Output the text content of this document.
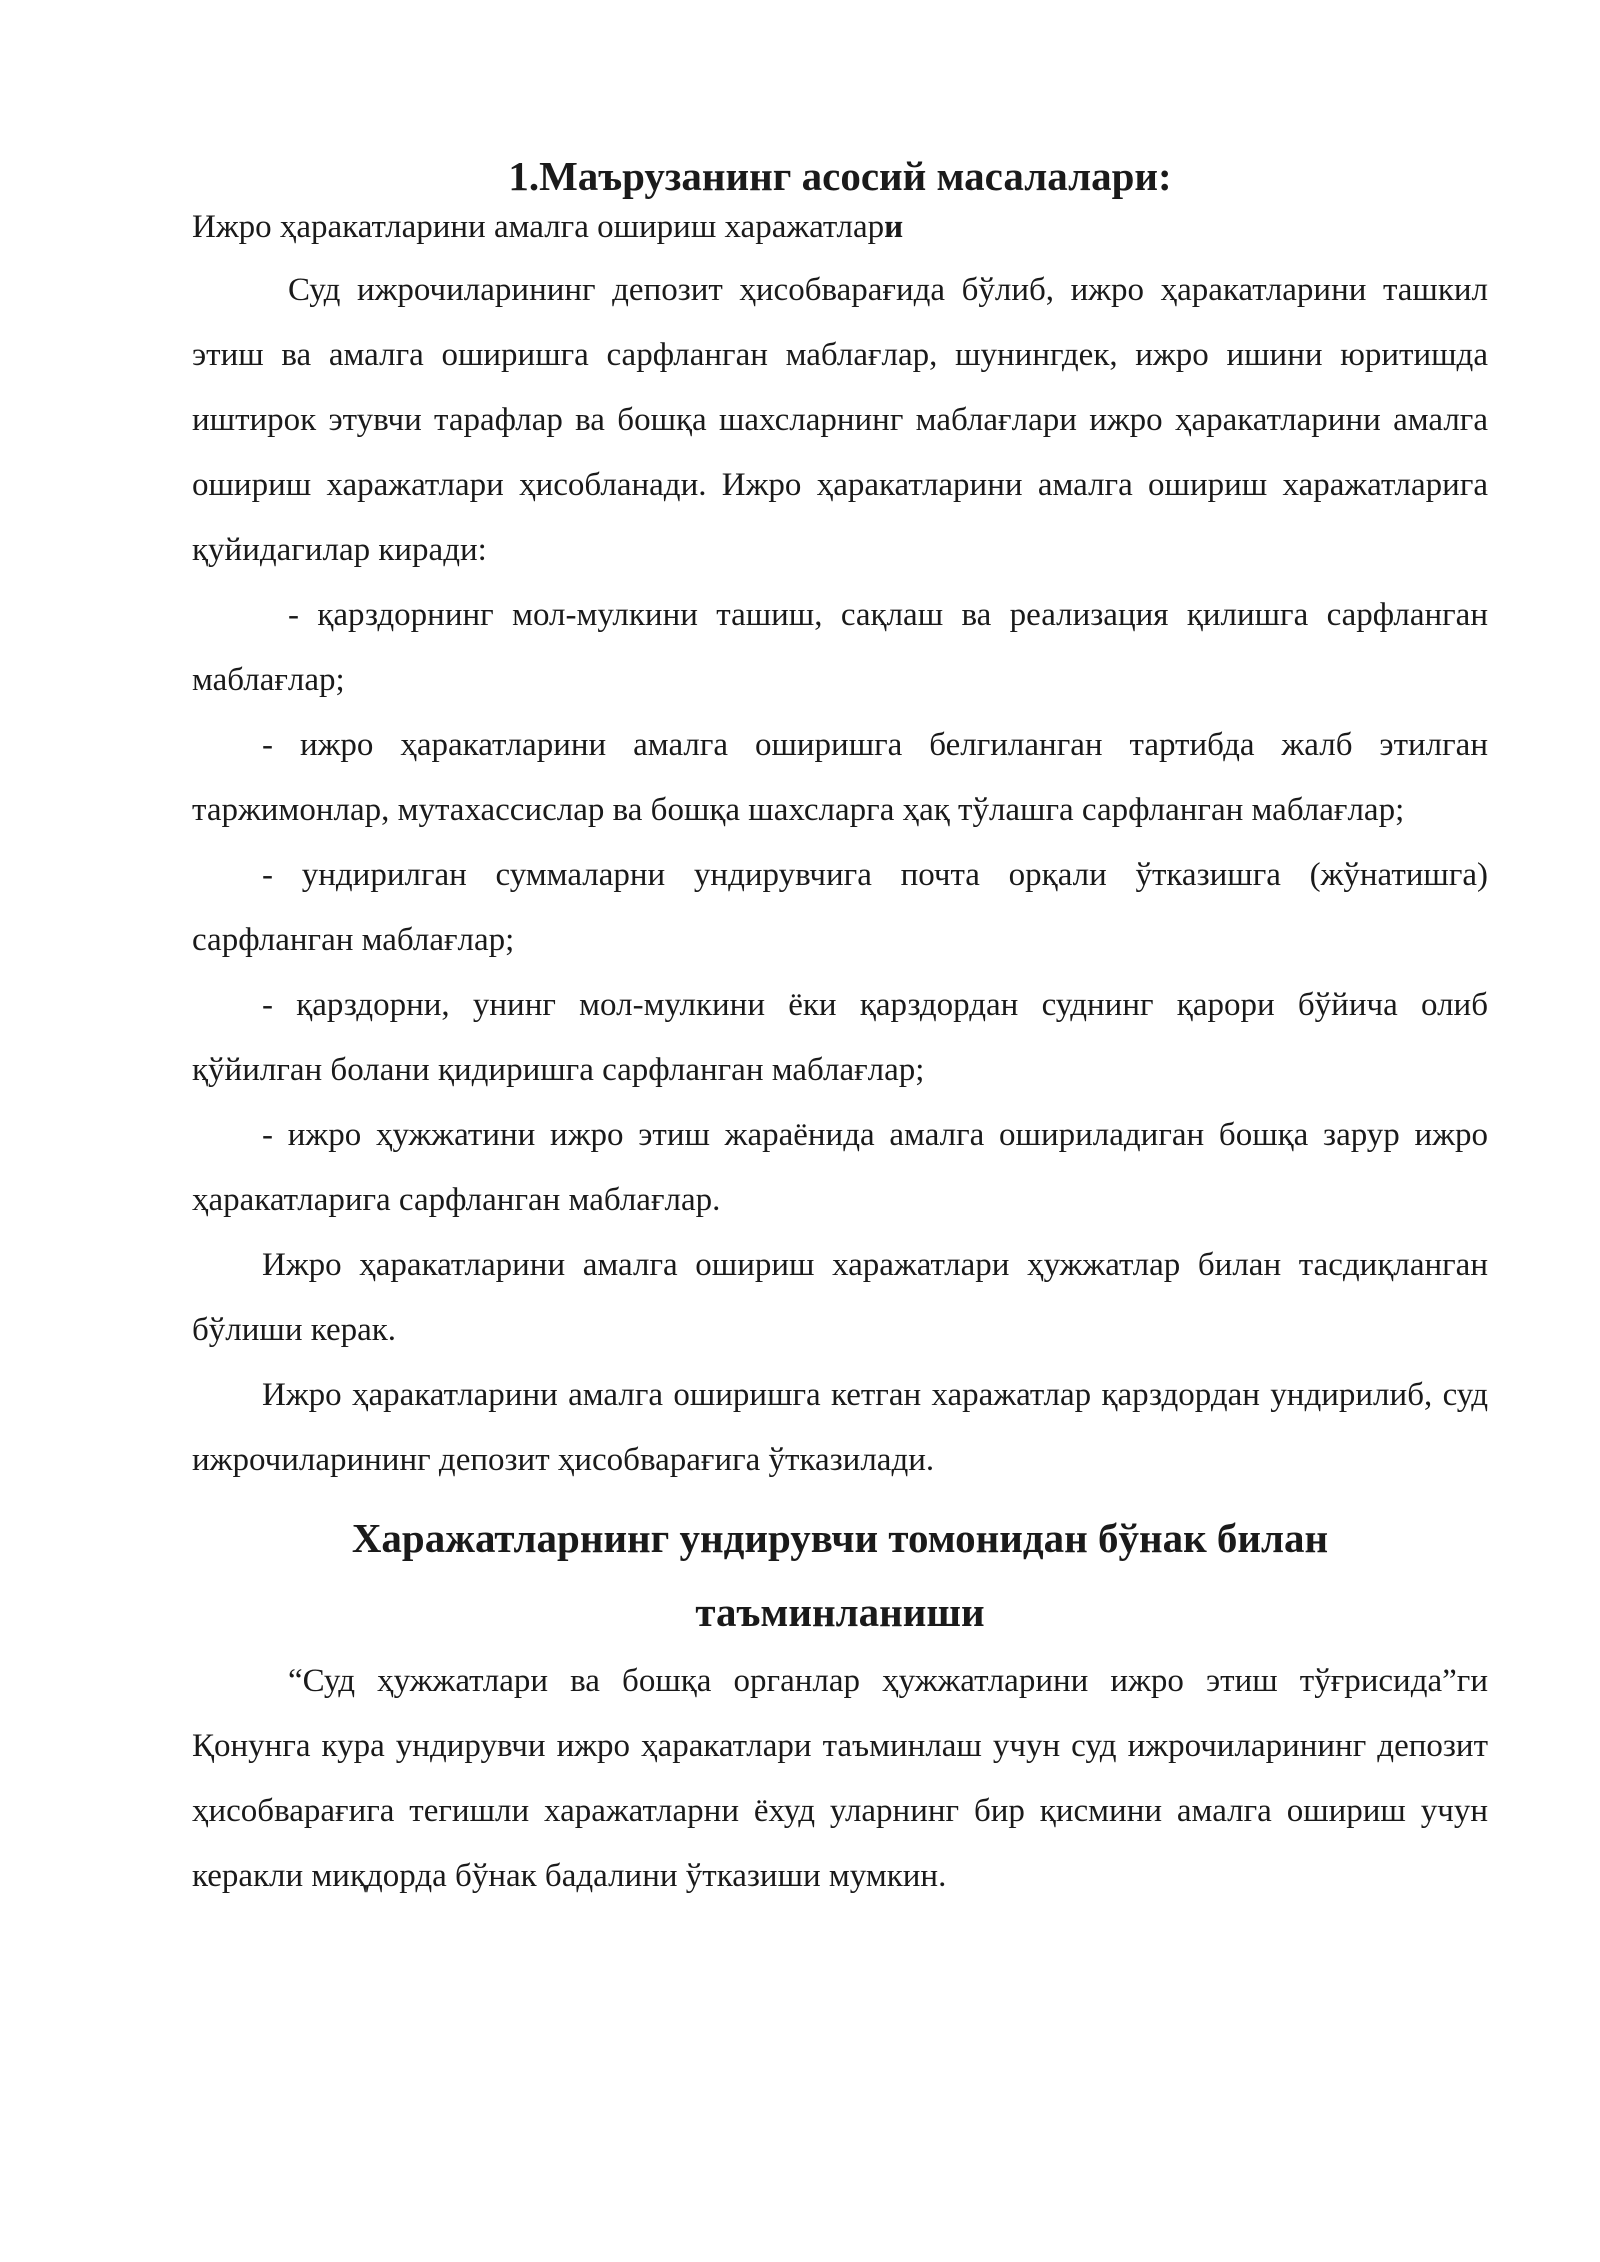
1.Маърузанинг асосий масалалари:
Ижро ҳаракатларини амалга ошириш харажатлари

Суд ижрочиларининг депозит ҳисобварағида бўлиб, ижро ҳаракатларини ташкил этиш ва амалга оширишга сарфланган маблағлар, шунингдек, ижро ишини юритишда иштирок этувчи тарафлар ва бошқа шахсларнинг маблағлари ижро ҳаракатларини амалга ошириш харажатлари ҳисобланади. Ижро ҳаракатларини амалга ошириш харажатларига қуйидагилар киради:

- қарздорнинг мол-мулкини ташиш, сақлаш ва реализация қилишга сарфланган маблағлар;

- ижро ҳаракатларини амалга оширишга белгиланган тартибда жалб этилган таржимонлар, мутахассислар ва бошқа шахсларга ҳақ тўлашга сарфланган маблағлар;

- ундирилган суммаларни ундирувчига почта орқали ўтказишга (жўнатишга) сарфланган маблағлар;

- қарздорни, унинг мол-мулкини ёки қарздордан суднинг қарори бўйича олиб қўйилган болани қидиришга сарфланган маблағлар;

- ижро ҳужжатини ижро этиш жараёнида амалга ошириладиган бошқа зарур ижро ҳаракатларига сарфланган маблағлар.

Ижро ҳаракатларини амалга ошириш харажатлари ҳужжатлар билан тасдиқланган бўлиши керак.

Ижро ҳаракатларини амалга оширишга кетган харажатлар қарздордан ундирилиб, суд ижрочиларининг депозит ҳисобварағига ўтказилади.

Харажатларнинг ундирувчи томонидан бўнак билан
таъминланиши

“Суд ҳужжатлари ва бошқа органлар ҳужжатларини ижро этиш тўғрисида”ги Қонунга кура ундирувчи ижро ҳаракатлари таъминлаш учун суд ижрочиларининг депозит ҳисобварағига тегишли харажатларни ёхуд уларнинг бир қисмини амалга ошириш учун керакли миқдорда бўнак бадалини ўтказиши мумкин.
